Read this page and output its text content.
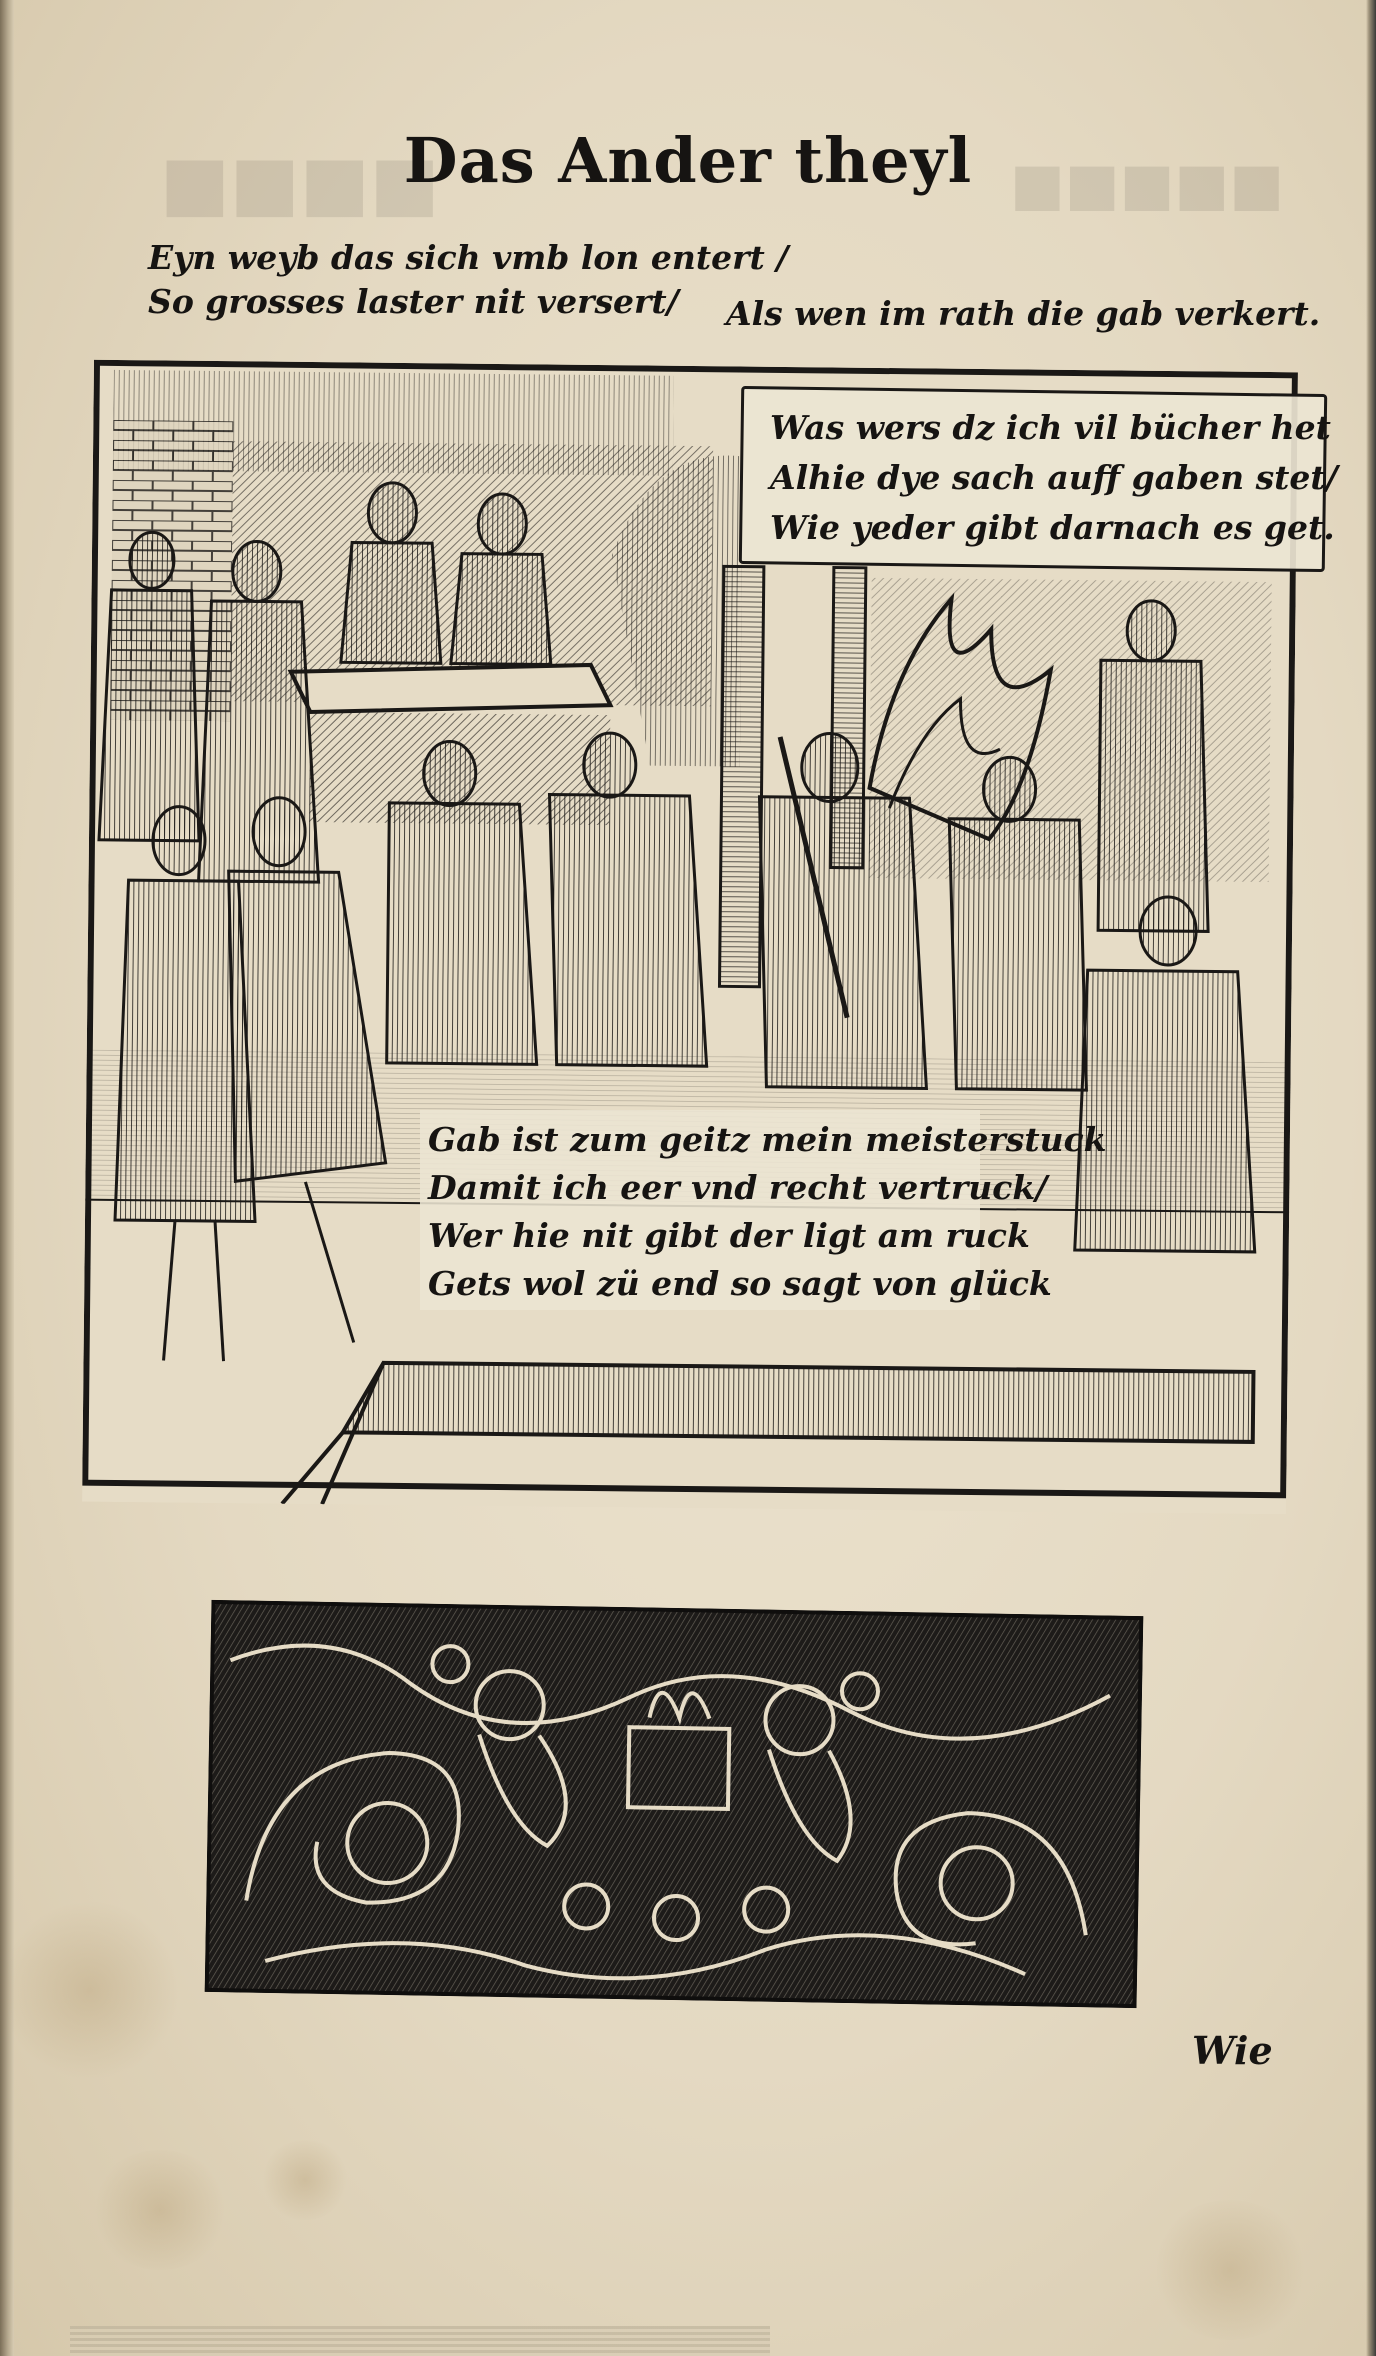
■■■■	■■■■■
Das Ander theyl
Eyn weyb das sich vmb lon entert /
So grosses laster nit versert/ Als wen im rath die gab verkert.
Was wers dz ich vil bücher het
Alhie dye sach auff gaben stet/
Wie yeder gibt darnach es get.
Gab ist zum geitz mein meisterstuck
Damit ich eer vnd recht vertruck/
Wer hie nit gibt der ligt am ruck
Gets wol zü end so sagt von glück
Wie
